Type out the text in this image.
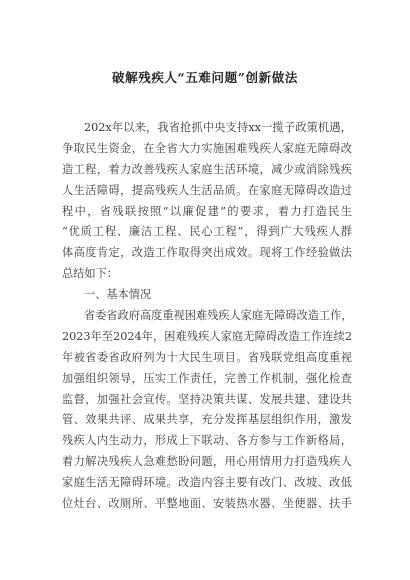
破解残疾人“五难问题”创新做法
202x年以来，我省抢抓中央支持xx一揽子政策机遇，
争取民生资金，在全省大力实施困难残疾人家庭无障碍改
造工程，着力改善残疾人家庭生活环境，减少或消除残疾
人生活障碍，提高残疾人生活品质。在家庭无障碍改造过
程中，省残联按照“以廉促建”的要求，着力打造民生
“优质工程、廉洁工程、民心工程”，得到广大残疾人群
体高度肯定，改造工作取得突出成效。现将工作经验做法
总结如下：
一、基本情况
省委省政府高度重视困难残疾人家庭无障碍改造工作，
2023年至2024年，困难残疾人家庭无障碍改造工作连续2
年被省委省政府列为十大民生项目。省残联党组高度重视
加强组织领导，压实工作责任，完善工作机制，强化检查
监督，加强社会宣传。坚持决策共谋、发展共建、建设共
管、效果共评、成果共享，充分发挥基层组织作用，激发
残疾人内生动力，形成上下联动、各方参与工作新格局，
着力解决残疾人急难愁盼问题，用心用情用力打造残疾人
家庭生活无障碍环境。改造内容主要有改门、改坡、改低
位灶台、改厕所、平整地面、安装热水器、坐便器、扶手
